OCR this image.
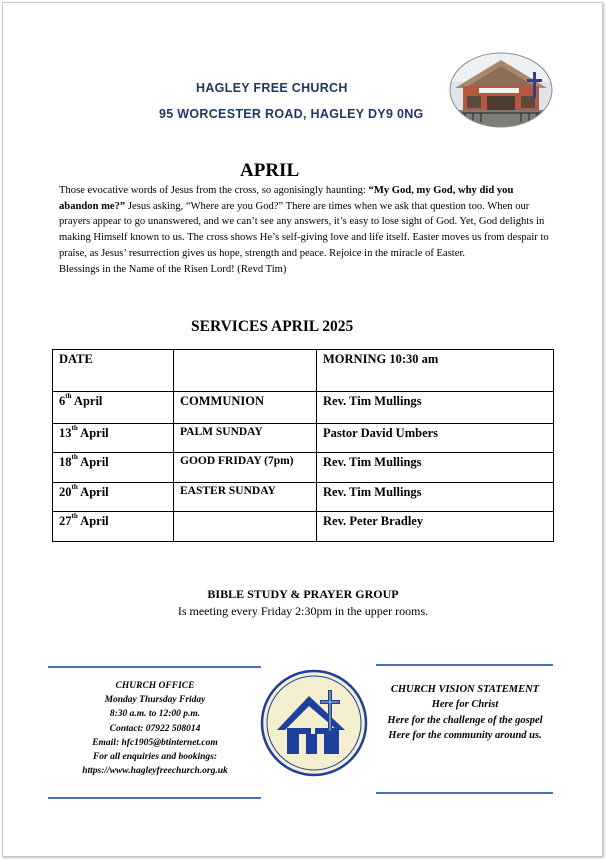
HAGLEY FREE CHURCH
95 WORCESTER ROAD, HAGLEY DY9 0NG
APRIL

Those evocative words of Jesus from the cross, so agonisingly haunting: “My God, my God, why did you abandon me?” Jesus asking, “Where are you God?” There are times when we ask that question too. When our prayers appear to go unanswered, and we can’t see any answers, it’s easy to lose sight of God. Yet, God delights in making Himself known to us. The cross shows He’s self-giving love and life itself. Easter moves us from despair to praise, as Jesus’ resurrection gives us hope, strength and peace. Rejoice in the miracle of Easter.

Blessings in the Name of the Risen Lord! (Revd Tim)

SERVICES APRIL 2025
DATE		MORNING 10:30 am
6th April	COMMUNION	Rev. Tim Mullings
13th April	PALM SUNDAY	Pastor David Umbers
18th April	GOOD FRIDAY (7pm)	Rev. Tim Mullings
20th April	EASTER SUNDAY	Rev. Tim Mullings
27th April		Rev. Peter Bradley
BIBLE STUDY & PRAYER GROUP
Is meeting every Friday 2:30pm in the upper rooms.
CHURCH OFFICE
Monday Thursday Friday
8:30 a.m. to 12:00 p.m.
Contact: 07922 508014
Email: hfc1905@btinternet.com
For all enquiries and bookings:
https://www.hagleyfreechurch.org.uk
CHURCH VISION STATEMENT
Here for Christ
Here for the challenge of the gospel
Here for the community around us.
